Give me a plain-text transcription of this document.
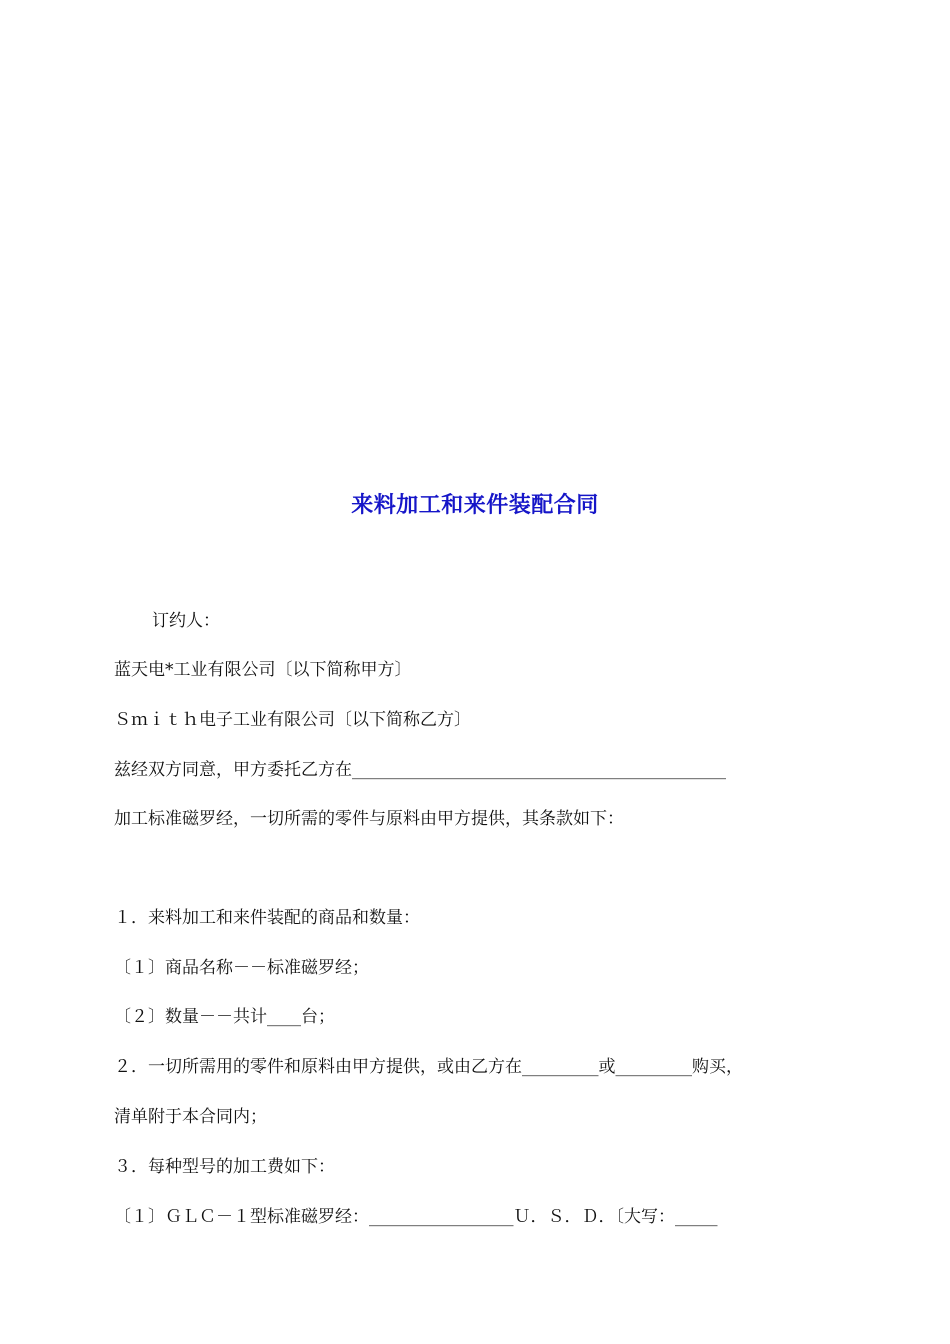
来料加工和来件装配合同
订约人：
蓝天电*工业有限公司〔以下简称甲方〕
Ｓｍｉｔｈ电子工业有限公司〔以下简称乙方〕
兹经双方同意，甲方委托乙方在____________________________________________
加工标准磁罗经，一切所需的零件与原料由甲方提供，其条款如下：
１．来料加工和来件装配的商品和数量：
〔１〕商品名称－－标准磁罗经；
〔２〕数量－－共计____台；
２．一切所需用的零件和原料由甲方提供，或由乙方在_________或_________购买，
清单附于本合同内；
３．每种型号的加工费如下：
〔１〕ＧＬＣ－１型标准磁罗经：_________________Ｕ．Ｓ．Ｄ．〔大写：_____
